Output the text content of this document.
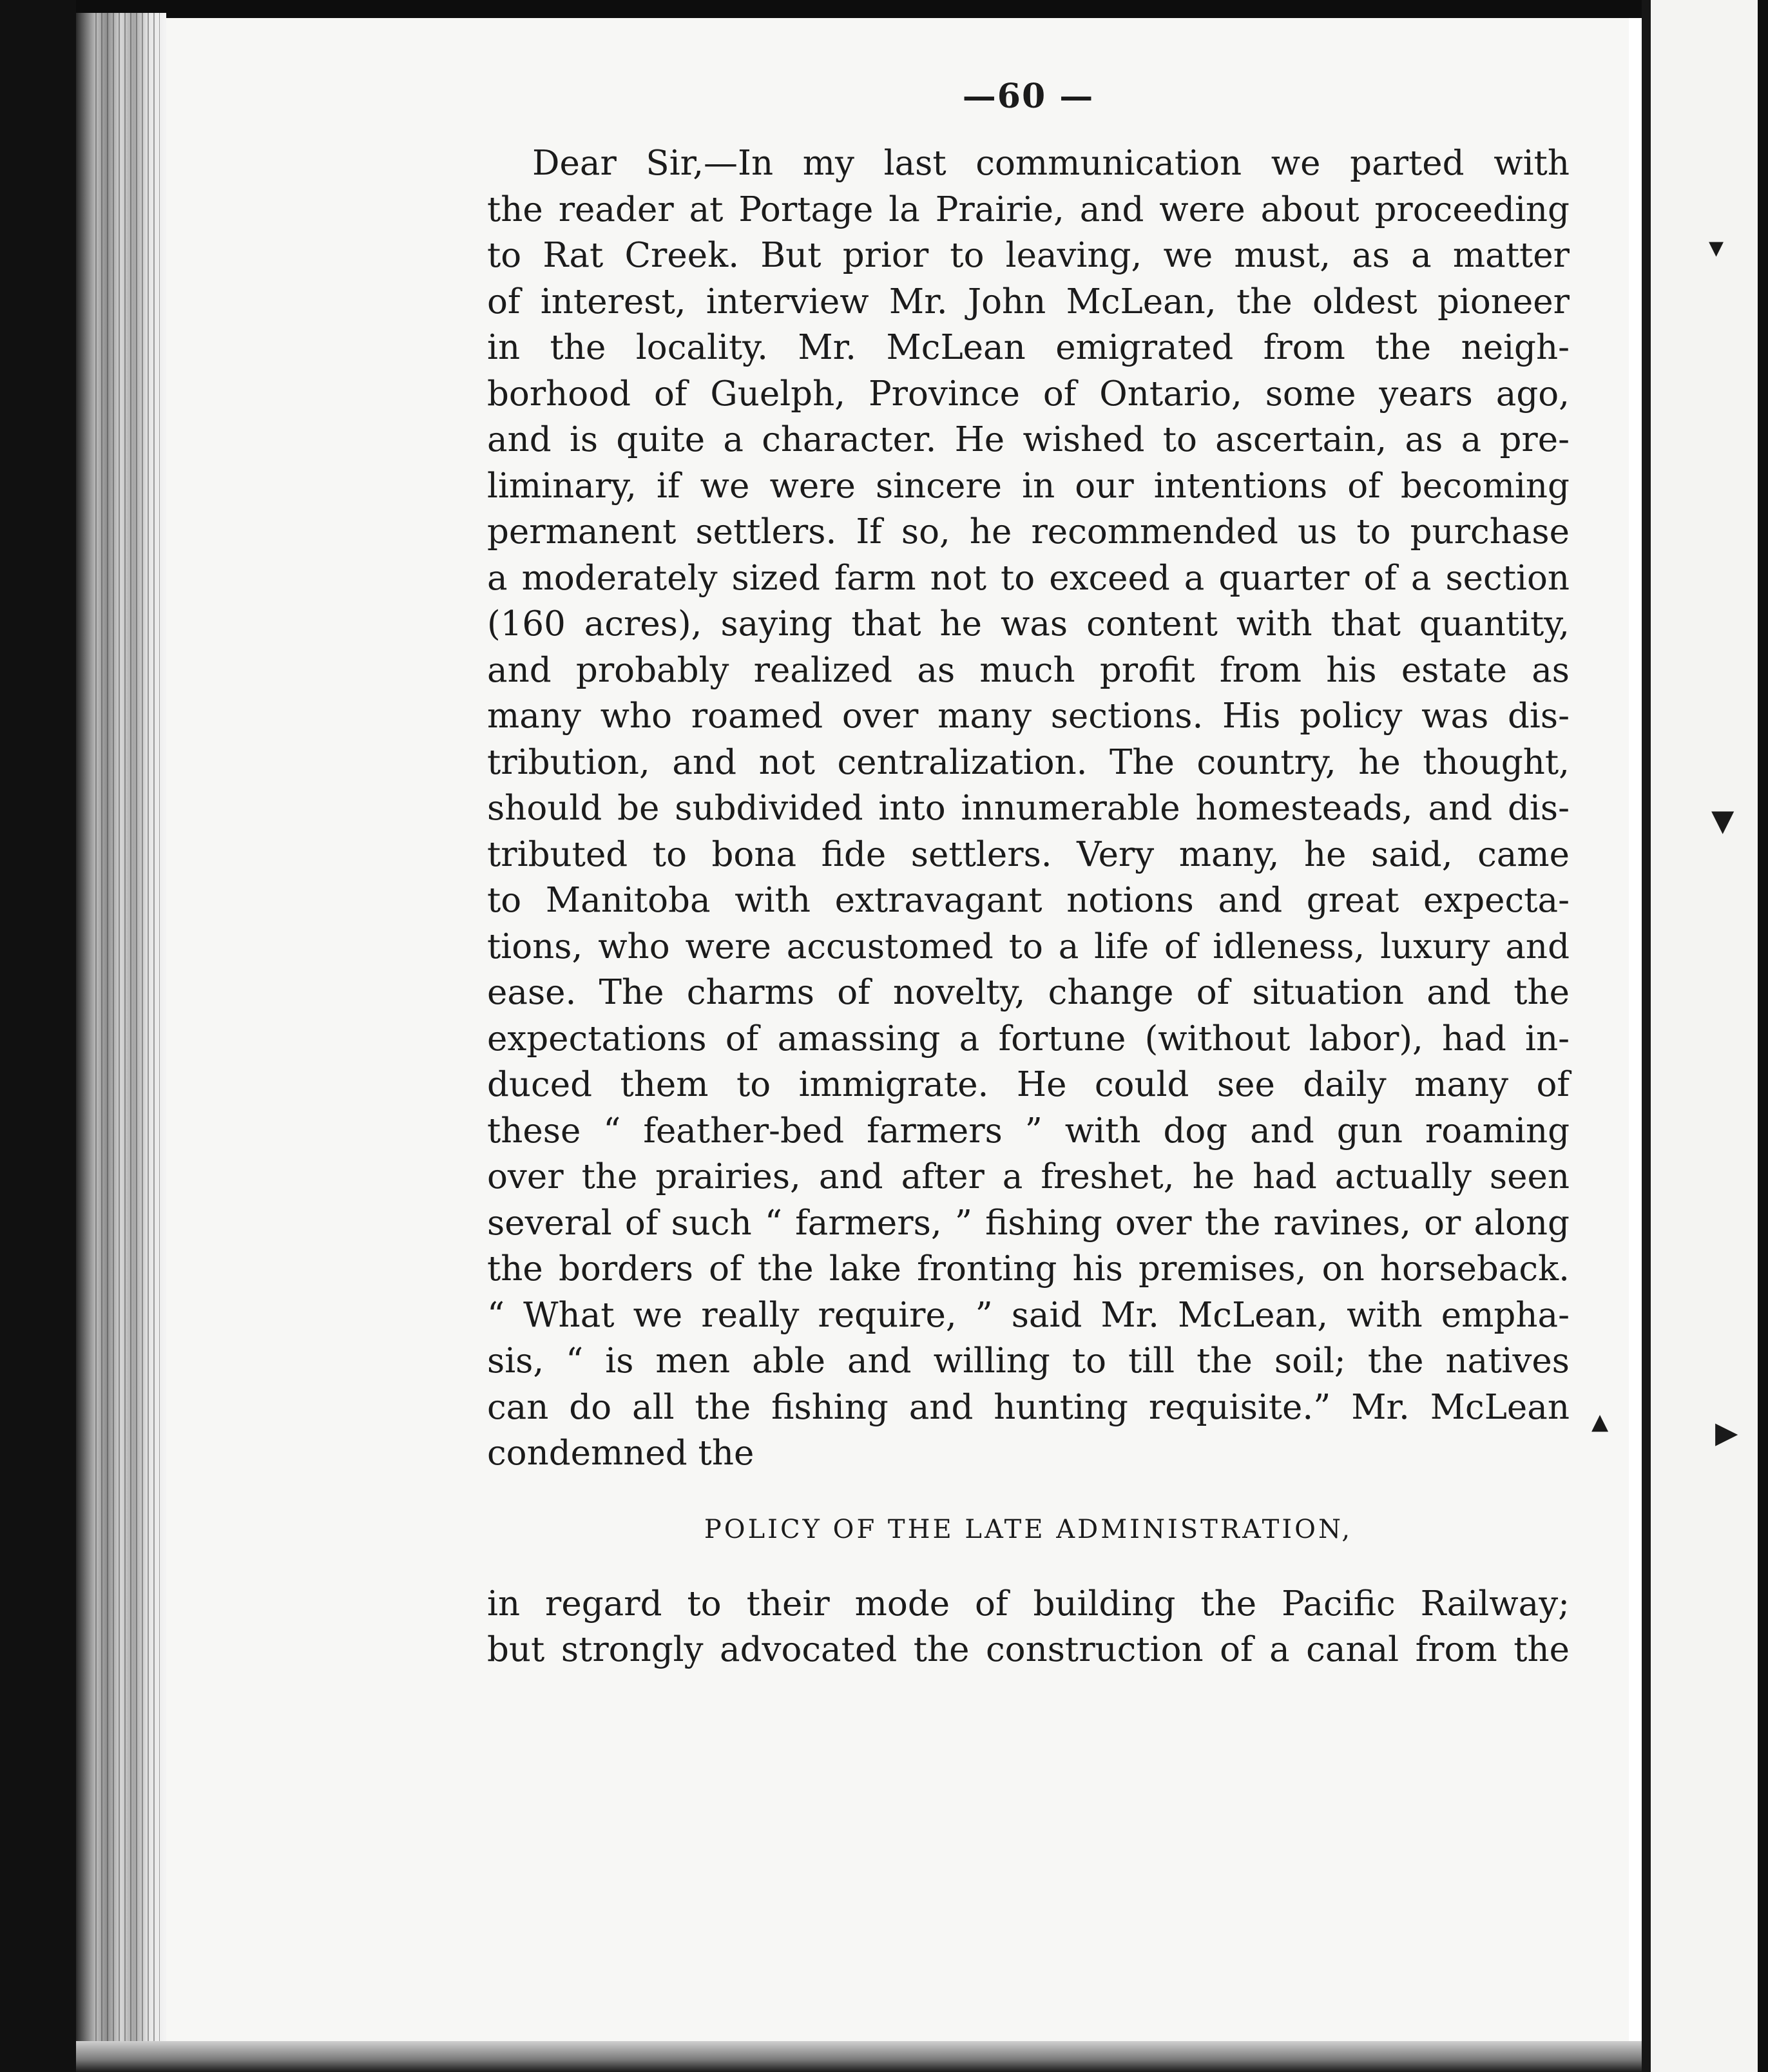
▾
▼
▶
▲
—60 —
Dear Sir,—In my last communication we parted with
the reader at Portage la Prairie, and were about proceeding
to Rat Creek. But prior to leaving, we must, as a matter
of interest, interview Mr. John McLean, the oldest pioneer
in the locality. Mr. McLean emigrated from the neigh-
borhood of Guelph, Province of Ontario, some years ago,
and is quite a character. He wished to ascertain, as a pre-
liminary, if we were sincere in our intentions of becoming
permanent settlers. If so, he recommended us to purchase
a moderately sized farm not to exceed a quarter of a section
(160 acres), saying that he was content with that quantity,
and probably realized as much profit from his estate as
many who roamed over many sections. His policy was dis-
tribution, and not centralization. The country, he thought,
should be subdivided into innumerable homesteads, and dis-
tributed to bona fide settlers. Very many, he said, came
to Manitoba with extravagant notions and great expecta-
tions, who were accustomed to a life of idleness, luxury and
ease. The charms of novelty, change of situation and the
expectations of amassing a fortune (without labor), had in-
duced them to immigrate. He could see daily many of
these “ feather-bed farmers ” with dog and gun roaming
over the prairies, and after a freshet, he had actually seen
several of such “ farmers, ” fishing over the ravines, or along
the borders of the lake fronting his premises, on horseback.
“ What we really require, ” said Mr. McLean, with empha-
sis, “ is men able and willing to till the soil; the natives
can do all the fishing and hunting requisite.” Mr. McLean
condemned the
POLICY OF THE LATE ADMINISTRATION,
in regard to their mode of building the Pacific Railway;
but strongly advocated the construction of a canal from the
